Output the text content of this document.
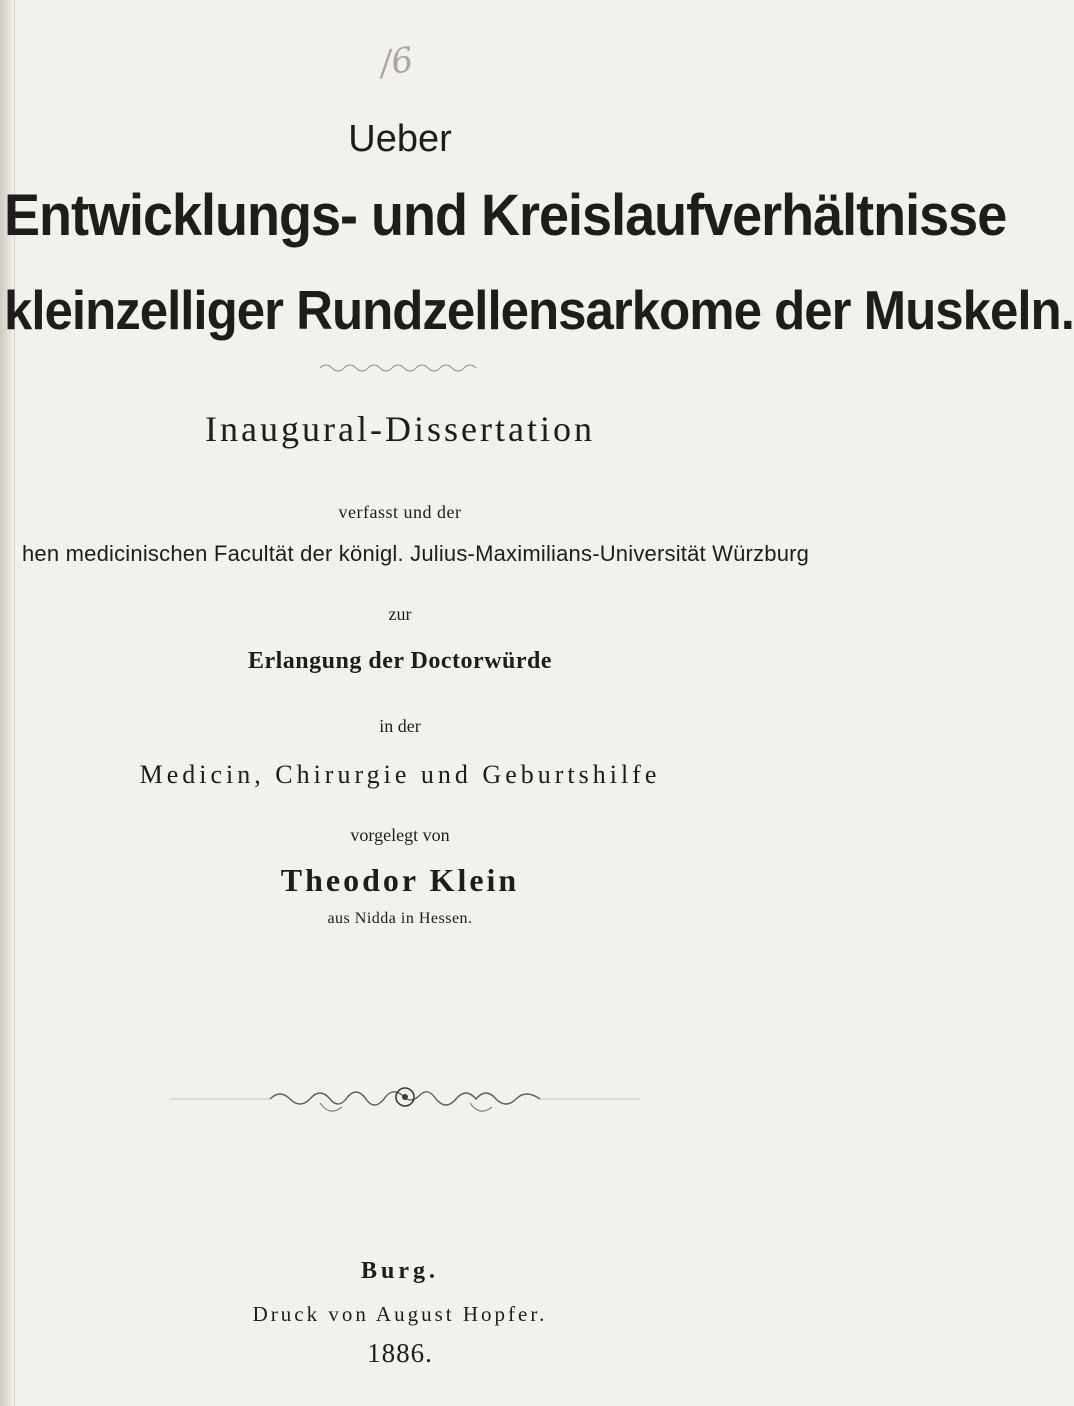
/6
Ueber
Entwicklungs- und Kreislaufverhältnisse
kleinzelliger Rundzellensarkome der Muskeln.
Inaugural-Dissertation
verfasst und der
hen medicinischen Facultät der königl. Julius-Maximilians-Universität Würzburg
zur
Erlangung der Doctorwürde
in der
Medicin, Chirurgie und Geburtshilfe
vorgelegt von
Theodor Klein
aus Nidda in Hessen.
Burg.
Druck von August Hopfer.
1886.
